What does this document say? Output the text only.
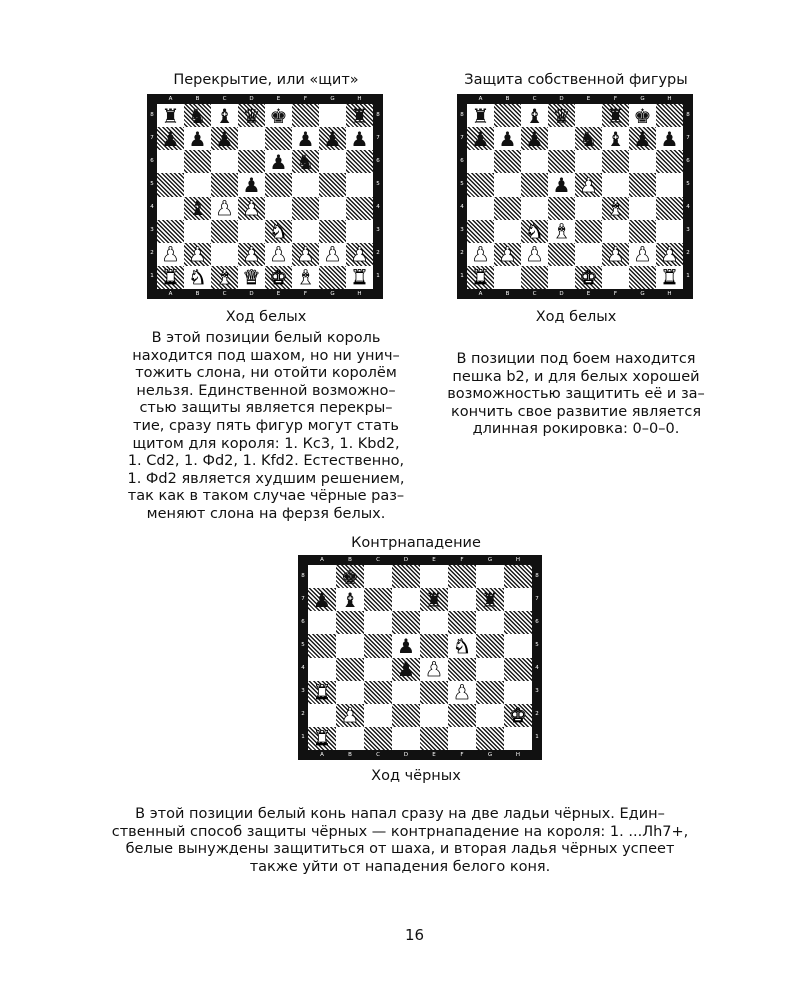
Перекрытие, или «щит»
A
A
B
B
C
C
D
D
E
E
F
F
G
G
H
H
8	8
7	7
6	6
5	5
4	4
3	3
2	2
1	1
♜ ♞ ♝ ♛ ♚	♜
♟ ♟ ♟	♟ ♟ ♟
♟ ♞
♟
♝ ♟ ♟
♞
♟ ♟ ♟ ♟ ♟ ♟ ♟
♜ ♞ ♝ ♛ ♚ ♝ ♜
Ход белых
В этой позиции белый король
находится под шахом, но ни унич–
тожить слона, ни отойти королём
нельзя. Единственной возможно–
стью защиты является перекры–
тие, сразу пять фигур могут стать
щитом для короля: 1. Кс3, 1. Kbd2,
1. Cd2, 1. Фd2, 1. Kfd2. Естественно,
1. Фd2 является худшим решением,
так как в таком случае чёрные раз–
меняют слона на ферзя белых.
Защита собственной фигуры
A
A
B
B
C
C
D
D
E
E
F
F
G
G
H
H
8	8
7	7
6	6
5	5
4	4
3	3
2	2
1	1
♜ ♝ ♛ ♜ ♚
♟ ♟ ♟ ♞ ♝ ♟ ♟
♟ ♟
♝
♞ ♝
♟ ♟ ♟	♟ ♟ ♟
♜	♚	♜
Ход белых
В позиции под боем находится
пешка b2, и для белых хорошей
возможностью защитить её и за–
кончить свое развитие является
длинная рокировка: 0–0–0.
Контрнападение
A
A
B
B
C
C
D
D
E
E
F
F
G
G
H
H
8	8
7	7
6	6
5	5
4	4
3	3
2	2
1	1
♚
♟ ♝	♜ ♜
♟ ♞
♟ ♟
♜	♟
♟	♚
♜
Ход чёрных
В этой позиции белый конь напал сразу на две ладьи чёрных. Един–
ственный способ защиты чёрных — контрнападение на короля: 1. ...Лh7+,
белые вынуждены защититься от шаха, и вторая ладья чёрных успеет
также уйти от нападения белого коня.
16
